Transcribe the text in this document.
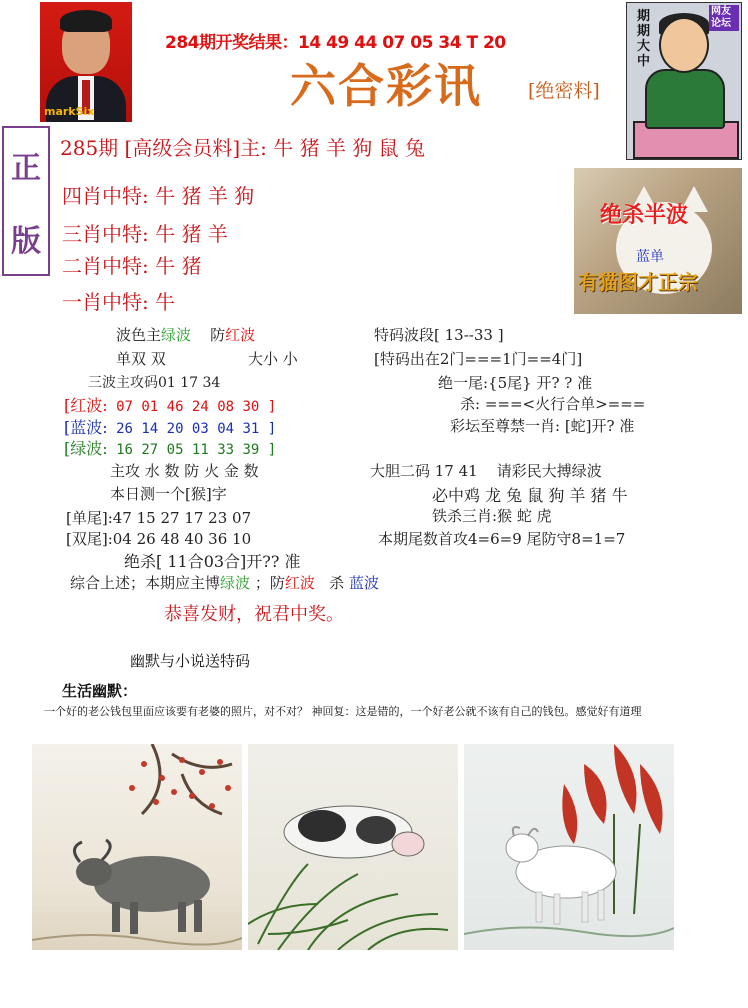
markSix
284期开奖结果：14 49 44 07 05 34 T 20
六合彩讯 [绝密料]
期期大中
网友论坛
正
版
285期 [高级会员料]主: 牛 猪 羊 狗 鼠 兔
四肖中特: 牛 猪 羊 狗
三肖中特: 牛 猪 羊
二肖中特: 牛 猪
一肖中特: 牛
绝杀半波
蓝单
有猫图才正宗
波色主绿波 防红波
单双 双	大小 小
三波主攻码01 17 34
[红波: 07 01 46 24 08 30 ]
[蓝波: 26 14 20 03 04 31 ]
[绿波: 16 27 05 11 33 39 ]
主攻 水 数 防 火 金 数
本日测一个[猴]字
[单尾]:47 15 27 17 23 07
[双尾]:04 26 48 40 36 10
绝杀[ 11合03合]开?? 准
综合上述；本期应主博绿波 ；防红波 杀 蓝波
特码波段[ 13--33 ]
[特码出在2门===1门==4门]
绝一尾:{5尾} 开? ? 准
杀: ===<火行合单>===
彩坛至尊禁一肖: [蛇]开? 准
大胆二码 17 41 请彩民大搏绿波
必中鸡 龙 兔 鼠 狗 羊 猪 牛
铁杀三肖:猴 蛇 虎
本期尾数首攻4=6=9 尾防守8=1=7
恭喜发财，祝君中奖。
幽默与小说送特码
生活幽默：
一个好的老公钱包里面应该要有老婆的照片，对不对？ 神回复：这是错的，一个好老公就不该有自己的钱包。感觉好有道理
